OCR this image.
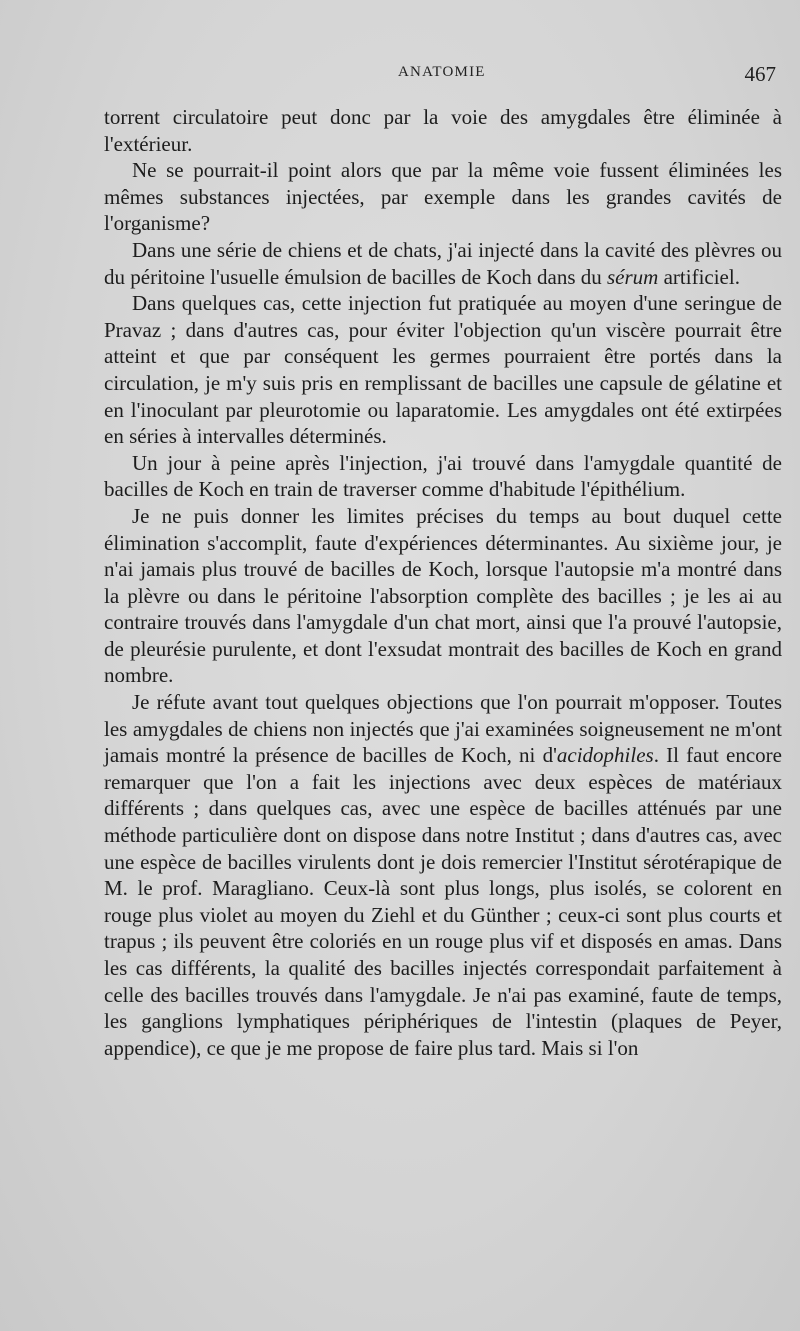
ANATOMIE	467

torrent circulatoire peut donc par la voie des amygdales être éliminée à l'extérieur.

Ne se pourrait-il point alors que par la même voie fussent éliminées les mêmes substances injectées, par exemple dans les grandes cavités de l'organisme?

Dans une série de chiens et de chats, j'ai injecté dans la cavité des plèvres ou du péritoine l'usuelle émulsion de bacilles de Koch dans du sérum artificiel.

Dans quelques cas, cette injection fut pratiquée au moyen d'une seringue de Pravaz ; dans d'autres cas, pour éviter l'objection qu'un viscère pourrait être atteint et que par conséquent les germes pourraient être portés dans la circulation, je m'y suis pris en remplissant de bacilles une capsule de gélatine et en l'inoculant par pleurotomie ou laparatomie. Les amygdales ont été extirpées en séries à intervalles déterminés.

Un jour à peine après l'injection, j'ai trouvé dans l'amygdale quantité de bacilles de Koch en train de traverser comme d'habitude l'épithélium.

Je ne puis donner les limites précises du temps au bout duquel cette élimination s'accomplit, faute d'expériences déterminantes. Au sixième jour, je n'ai jamais plus trouvé de bacilles de Koch, lorsque l'autopsie m'a montré dans la plèvre ou dans le péritoine l'absorption complète des bacilles ; je les ai au contraire trouvés dans l'amygdale d'un chat mort, ainsi que l'a prouvé l'autopsie, de pleurésie purulente, et dont l'exsudat montrait des bacilles de Koch en grand nombre.

Je réfute avant tout quelques objections que l'on pourrait m'opposer. Toutes les amygdales de chiens non injectés que j'ai examinées soigneusement ne m'ont jamais montré la présence de bacilles de Koch, ni d'acidophiles. Il faut encore remarquer que l'on a fait les injections avec deux espèces de matériaux différents ; dans quelques cas, avec une espèce de bacilles atténués par une méthode particulière dont on dispose dans notre Institut ; dans d'autres cas, avec une espèce de bacilles virulents dont je dois remercier l'Institut sérotérapique de M. le prof. Maragliano. Ceux-là sont plus longs, plus isolés, se colorent en rouge plus violet au moyen du Ziehl et du Günther ; ceux-ci sont plus courts et trapus ; ils peuvent être coloriés en un rouge plus vif et disposés en amas. Dans les cas différents, la qualité des bacilles injectés correspondait parfaitement à celle des bacilles trouvés dans l'amygdale. Je n'ai pas examiné, faute de temps, les ganglions lymphatiques périphériques de l'intestin (plaques de Peyer, appendice), ce que je me propose de faire plus tard. Mais si l'on
